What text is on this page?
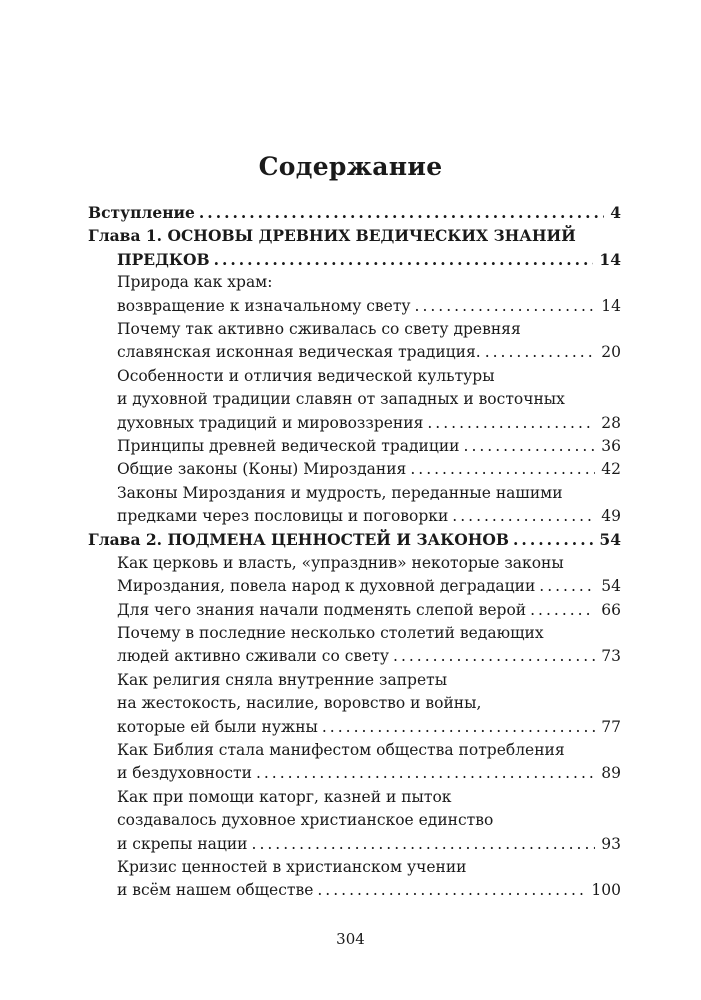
Содержание
Вступление .....	4
Глава 1. ОСНОВЫ ДРЕВНИХ ВЕДИЧЕСКИХ ЗНАНИЙ
ПРЕДКОВ .....	14
Природа как храм:
возвращение к изначальному свету .....	14
Почему так активно сживалась со свету древняя
славянская исконная ведическая традиция. .....	20
Особенности и отличия ведической культуры
и духовной традиции славян от западных и восточных
духовных традиций и мировоззрения .....	28
Принципы древней ведической традиции .....	36
Общие законы (Коны) Мироздания .....	42
Законы Мироздания и мудрость, переданные нашими
предками через пословицы и поговорки .....	49
Глава 2. ПОДМЕНА ЦЕННОСТЕЙ И ЗАКОНОВ .....	54
Как церковь и власть, «упразднив» некоторые законы
Мироздания, повела народ к духовной деградации .....	54
Для чего знания начали подменять слепой верой .....	66
Почему в последние несколько столетий ведающих
людей активно сживали со свету .....	73
Как религия сняла внутренние запреты
на жестокость, насилие, воровство и войны,
которые ей были нужны .....	77
Как Библия стала манифестом общества потребления
и бездуховности .....	89
Как при помощи каторг, казней и пыток
создавалось духовное христианское единство
и скрепы нации .....	93
Кризис ценностей в христианском учении
и всём нашем обществе .....	100
304
